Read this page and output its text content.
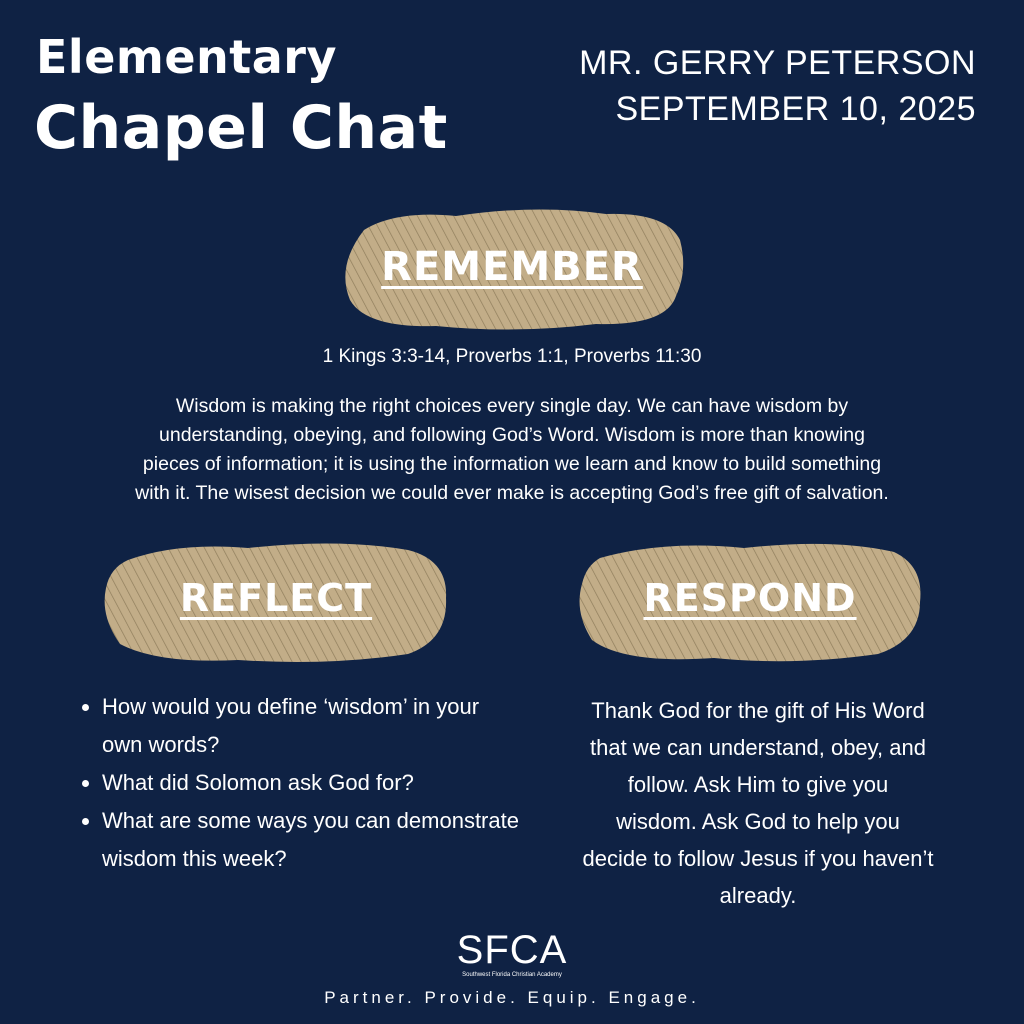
Elementary
Chapel Chat
MR. GERRY PETERSON
SEPTEMBER 10, 2025
REMEMBER
1 Kings 3:3-14, Proverbs 1:1, Proverbs 11:30
Wisdom is making the right choices every single day. We can have wisdom by
understanding, obeying, and following God’s Word. Wisdom is more than knowing
pieces of information; it is using the information we learn and know to build something
with it. The wisest decision we could ever make is accepting God’s free gift of salvation.
REFLECT	RESPOND
• How would you define ‘wisdom’ in your own words?
• What did Solomon ask God for?
• What are some ways you can demonstrate wisdom this week?
Thank God for the gift of His Word
that we can understand, obey, and
follow. Ask Him to give you
wisdom. Ask God to help you
decide to follow Jesus if you haven’t
already.
SFCA
Southwest Florida Christian Academy
Partner. Provide. Equip. Engage.
